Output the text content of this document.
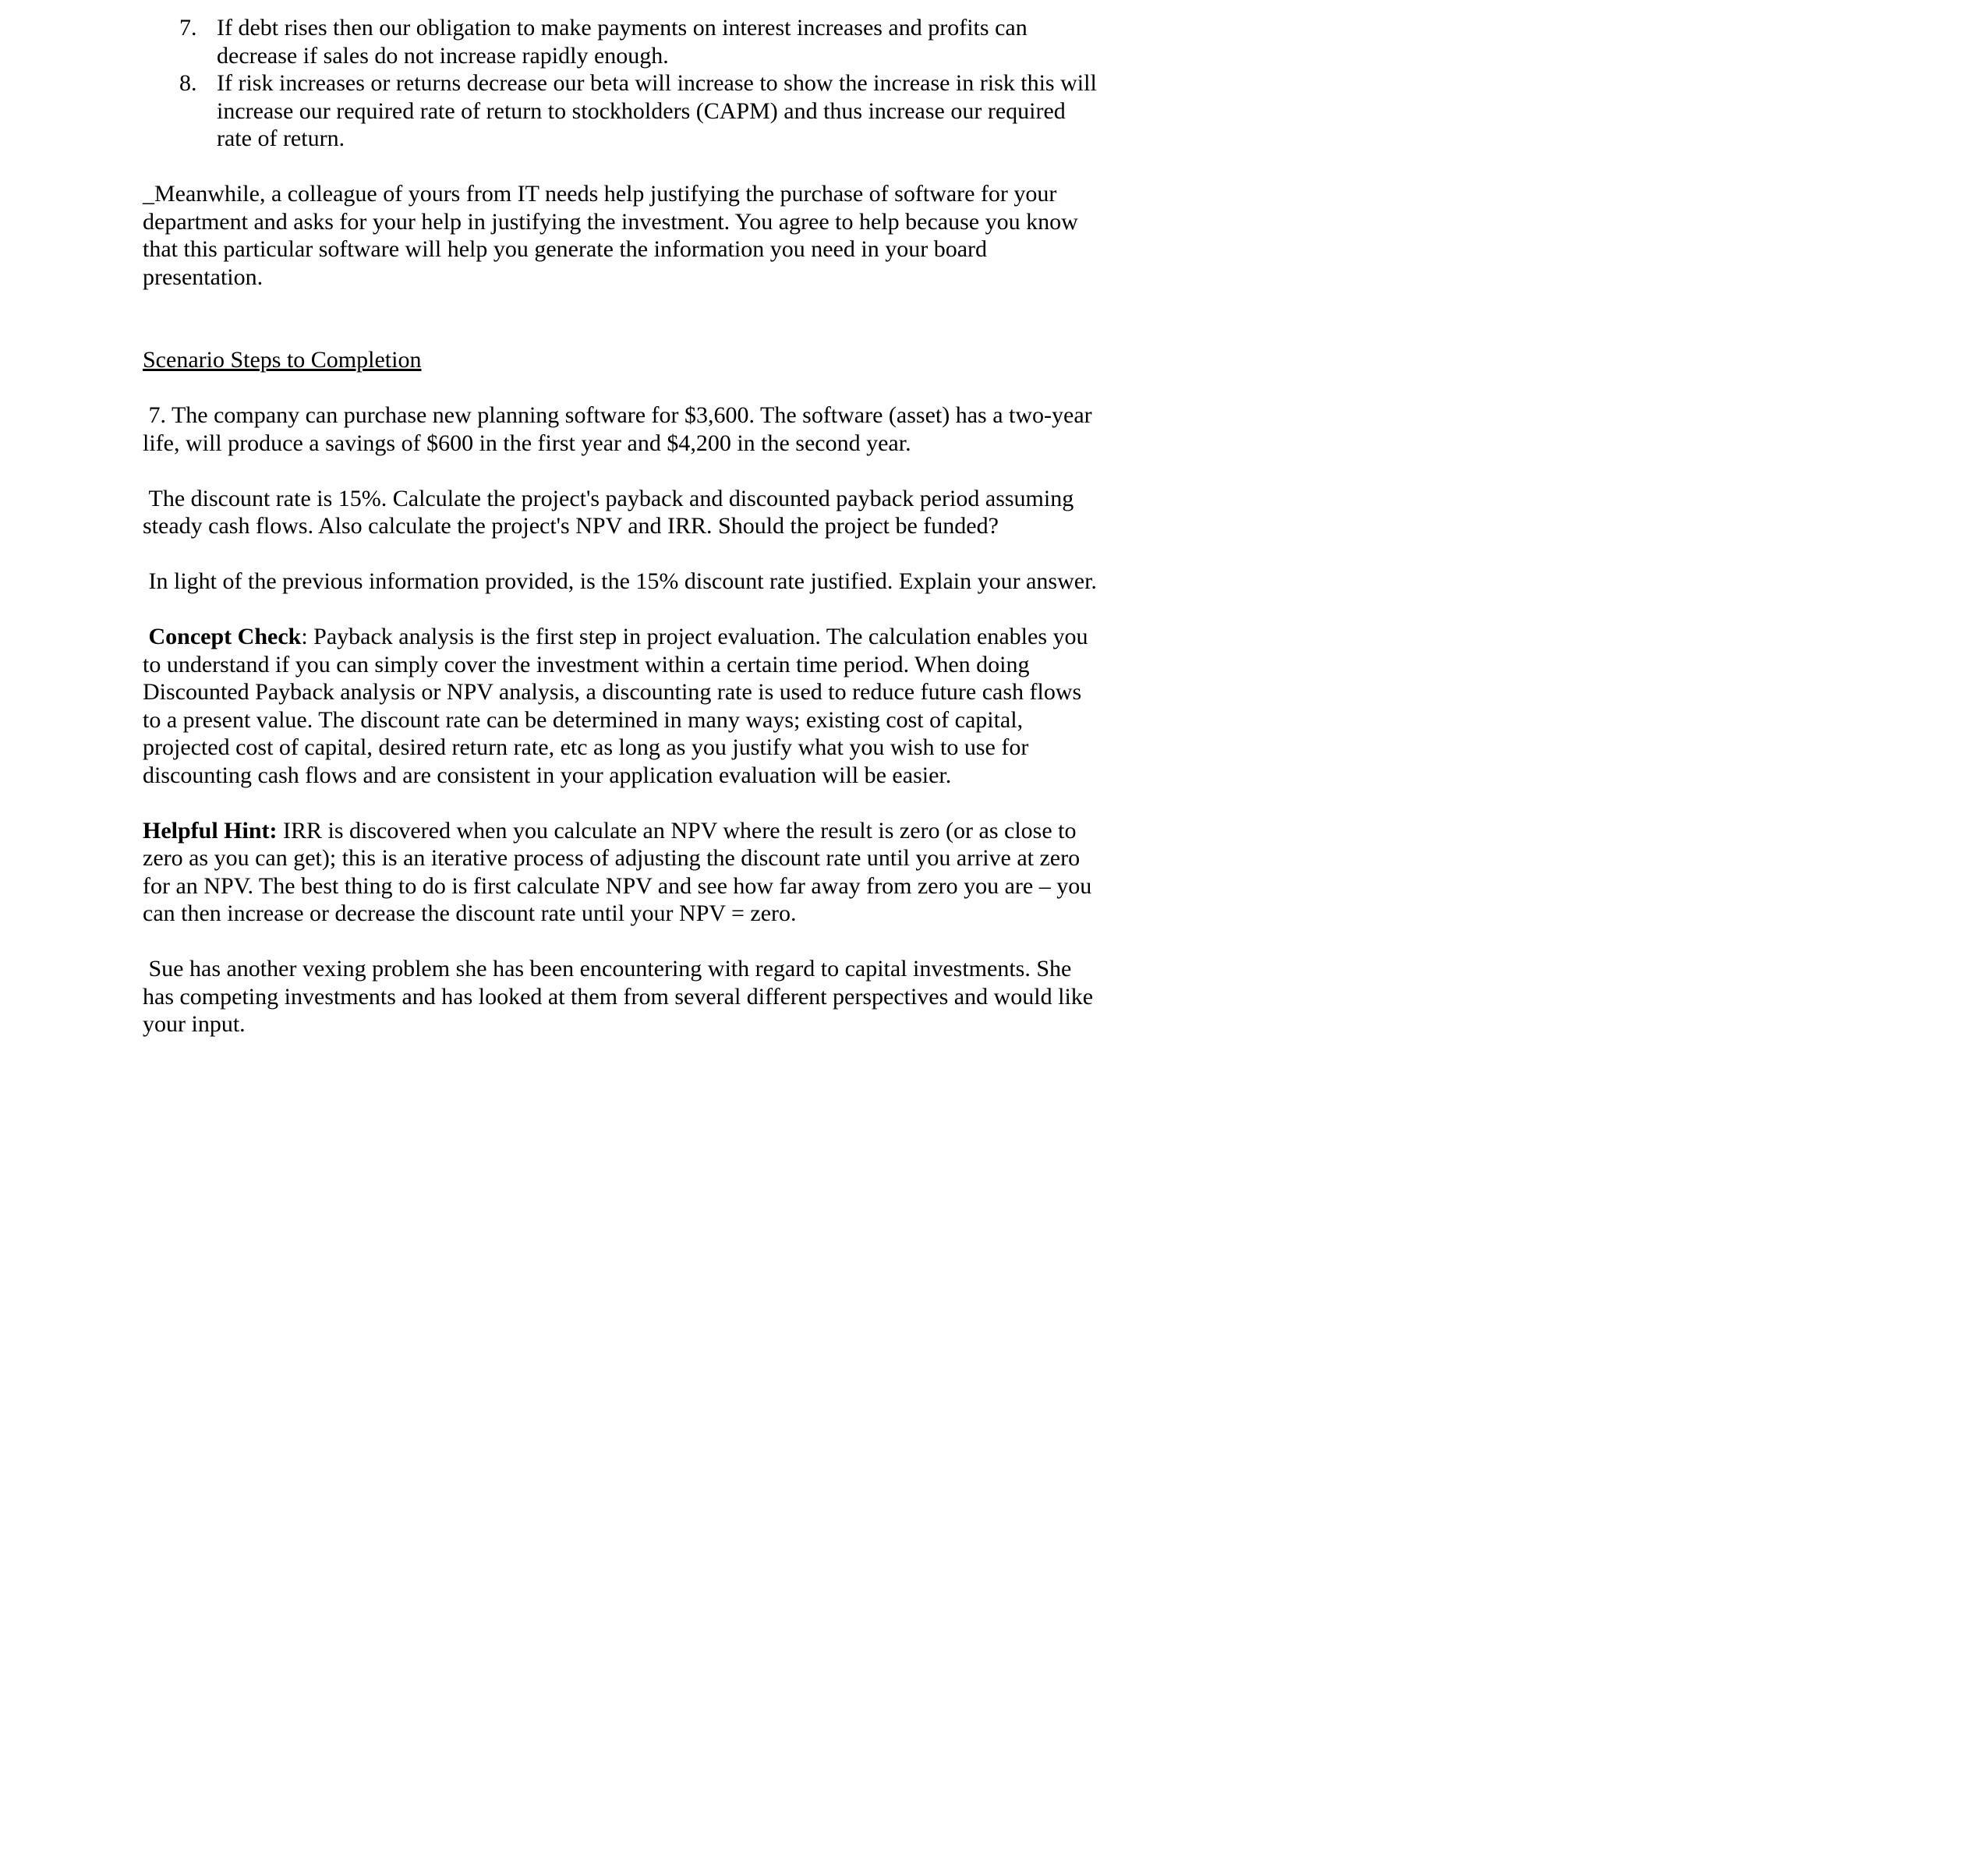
7. If debt rises then our obligation to make payments on interest increases and profits can decrease if sales do not increase rapidly enough.
8. If risk increases or returns decrease our beta will increase to show the increase in risk this will increase our required rate of return to stockholders (CAPM) and thus increase our required rate of return.

_Meanwhile, a colleague of yours from IT needs help justifying the purchase of software for your department and asks for your help in justifying the investment. You agree to help because you know that this particular software will help you generate the information you need in your board presentation.

Scenario Steps to Completion

7. The company can purchase new planning software for $3,600. The software (asset) has a two-year life, will produce a savings of $600 in the first year and $4,200 in the second year.

The discount rate is 15%. Calculate the project's payback and discounted payback period assuming steady cash flows. Also calculate the project's NPV and IRR. Should the project be funded?

In light of the previous information provided, is the 15% discount rate justified. Explain your answer.

Concept Check: Payback analysis is the first step in project evaluation. The calculation enables you to understand if you can simply cover the investment within a certain time period. When doing Discounted Payback analysis or NPV analysis, a discounting rate is used to reduce future cash flows to a present value. The discount rate can be determined in many ways; existing cost of capital, projected cost of capital, desired return rate, etc as long as you justify what you wish to use for discounting cash flows and are consistent in your application evaluation will be easier.

Helpful Hint: IRR is discovered when you calculate an NPV where the result is zero (or as close to zero as you can get); this is an iterative process of adjusting the discount rate until you arrive at zero for an NPV. The best thing to do is first calculate NPV and see how far away from zero you are – you can then increase or decrease the discount rate until your NPV = zero.

Sue has another vexing problem she has been encountering with regard to capital investments. She has competing investments and has looked at them from several different perspectives and would like your input.
